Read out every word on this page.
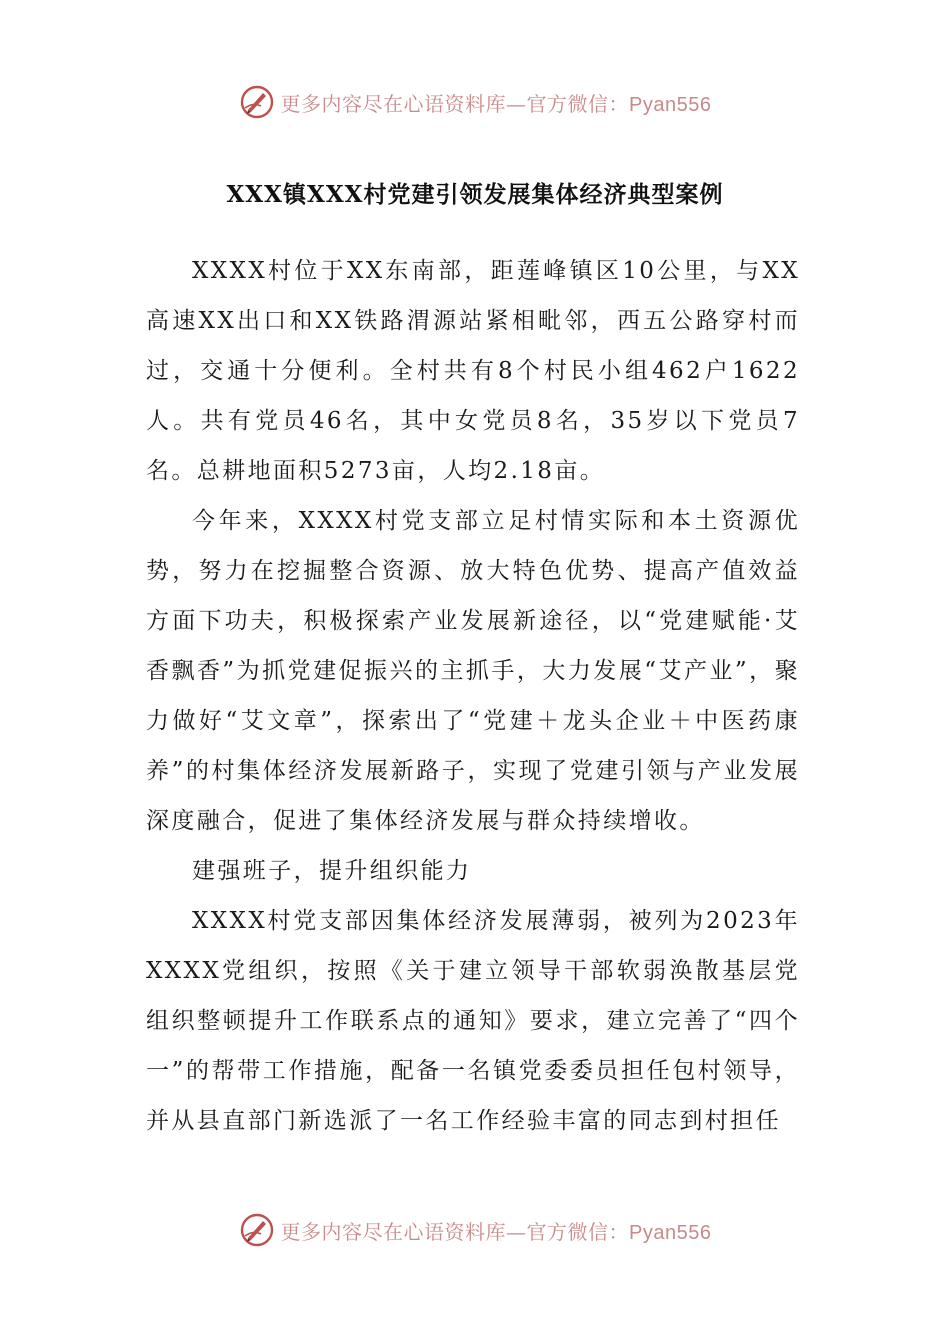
更多内容尽在心语资料库—官方微信：Pyan556
XXX镇XXX村党建引领发展集体经济典型案例

XXXX村位于XX东南部，距莲峰镇区10公里，与XX高速XX出口和XX铁路渭源站紧相毗邻，西五公路穿村而过，交通十分便利。全村共有8个村民小组462户1622人。共有党员46名，其中女党员8名，35岁以下党员7名。总耕地面积5273亩，人均2.18亩。

今年来，XXXX村党支部立足村情实际和本土资源优势，努力在挖掘整合资源、放大特色优势、提高产值效益方面下功夫，积极探索产业发展新途径，以“党建赋能·艾香飘香”为抓党建促振兴的主抓手，大力发展“艾产业”，聚力做好“艾文章”，探索出了“党建＋龙头企业＋中医药康养”的村集体经济发展新路子，实现了党建引领与产业发展深度融合，促进了集体经济发展与群众持续增收。

建强班子，提升组织能力

XXXX村党支部因集体经济发展薄弱，被列为2023年XXXX党组织，按照《关于建立领导干部软弱涣散基层党组织整顿提升工作联系点的通知》要求，建立完善了“四个一”的帮带工作措施，配备一名镇党委委员担任包村领导，并从县直部门新选派了一名工作经验丰富的同志到村担任

更多内容尽在心语资料库—官方微信：Pyan556
